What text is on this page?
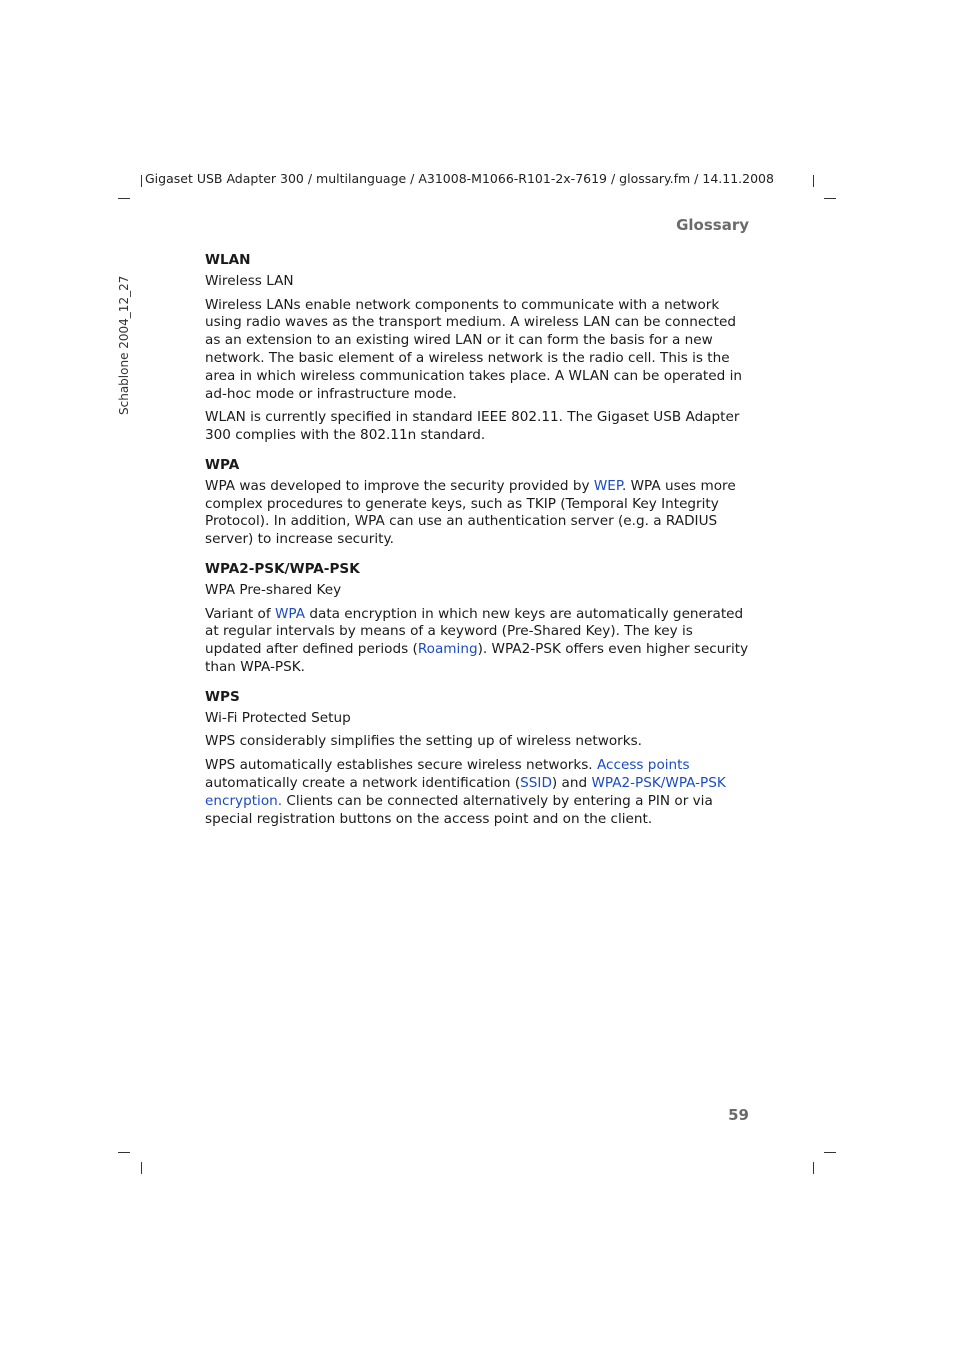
Gigaset USB Adapter 300 / multilanguage / A31008-M1066-R101-2x-7619 / glossary.fm / 14.11.2008
Glossary
Schablone 2004_12_27

WLAN

Wireless LAN

Wireless LANs enable network components to communicate with a network using radio waves as the transport medium. A wireless LAN can be connected as an extension to an existing wired LAN or it can form the basis for a new network. The basic element of a wireless network is the radio cell. This is the area in which wireless communication takes place. A WLAN can be operated in ad-hoc mode or infrastructure mode.

WLAN is currently specified in standard IEEE 802.11. The Gigaset USB Adapter 300 complies with the 802.11n standard.

WPA

WPA was developed to improve the security provided by WEP. WPA uses more complex procedures to generate keys, such as TKIP (Temporal Key Integrity Protocol). In addition, WPA can use an authentication server (e.g. a RADIUS server) to increase security.

WPA2-PSK/WPA-PSK

WPA Pre-shared Key

Variant of WPA data encryption in which new keys are automatically generated at regular intervals by means of a keyword (Pre-Shared Key). The key is updated after defined periods (Roaming). WPA2-PSK offers even higher security than WPA-PSK.

WPS

Wi-Fi Protected Setup

WPS considerably simplifies the setting up of wireless networks.

WPS automatically establishes secure wireless networks. Access points automatically create a network identification (SSID) and WPA2-PSK/WPA-PSK encryption. Clients can be connected alternatively by entering a PIN or via special registration buttons on the access point and on the client.

59
